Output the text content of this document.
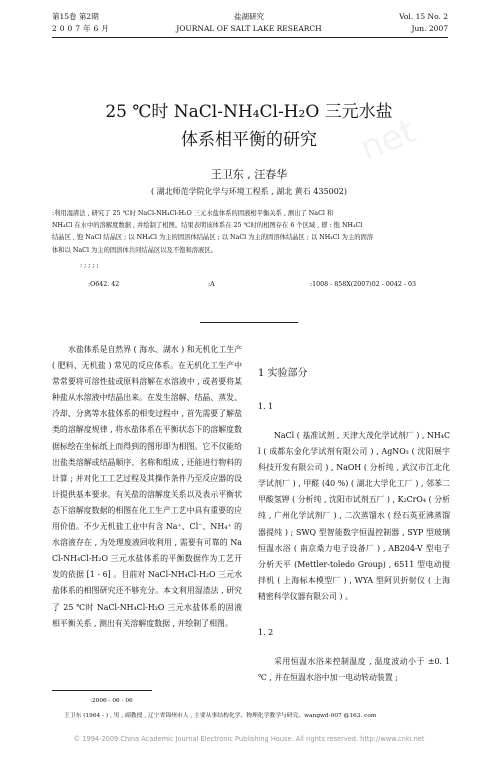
第15卷 第2期
2 0 0 7 年 6 月
盐湖研究
JOURNAL OF SALT LAKE RESEARCH
Vol. 15 No. 2
Jun. 2007
net
25 ℃时 NaCl-NH₄Cl-H₂O 三元水盐
体系相平衡的研究
王卫东 , 汪春华
( 湖北师范学院化学与环境工程系 , 湖北 黄石 435002)

:利用湿渣法 , 研究了 25 ℃时 NaCl-NH₄Cl-H₂O 三元水盐体系的固液相平衡关系 , 测出了 NaCl 和

NH₄Cl 在水中的溶解度数据 , 并绘制了相图。结果表明该体系在 25 ℃时的相图存在 6 个区域 , 即 : 饱 NH₄Cl

结晶区 , 饱 NaCl 结晶区 ; 以 NH₄Cl 为主的固溶体结晶区 ; 以 NaCl 为主的固溶体结晶区 ; 以 NH₄Cl 为主的固溶

体和以 NaCl 为主的固溶体共同结晶区以及不饱和溶液区。

: ; ; ; ;
:O642. 42	:A	:1008 - 858X(2007)02 - 0042 - 03
水盐体系是自然界 ( 海水、湖水 ) 和无机化工生产 ( 肥料、无机盐 ) 常见的反应体系。在无机化工生产中常常要将可溶性盐或原料溶解在水溶液中 , 或者要将某种盐从水溶液中结晶出来。在发生溶解、结晶、蒸发、冷却、分离等水盐体系的相变过程中 , 首先需要了解盐类的溶解度规律 , 将水盐体系在平衡状态下的溶解度数据标绘在坐标纸上而得到的图形即为相图。它不仅能给出盐类溶解或结晶顺序、名称和组成 , 还能进行物料的计算 ; 并对化工工艺过程及其操作条件乃至反应器的设计提供基本要求。有关盐的溶解度关系以及表示平衡状态下溶解度数据的相图在化工生产工艺中具有重要的应用价值。不少无机盐工业中有含 Na⁺、Cl⁻、NH₄⁺ 的水溶液存在 , 为处理废液回收利用 , 需要有可靠的 NaCl-NH₄Cl-H₂O 三元水盐体系的平衡数据作为工艺开发的依据 [1 - 6] 。目前对 NaCl-NH₄Cl-H₂O 三元水盐体系的相图研究还不够充分。本文利用湿渣法 , 研究了 25 ℃时 NaCl-NH₄Cl-H₂O 三元水盐体系的固液相平衡关系 , 测出有关溶解度数据 , 并绘制了相图。
1 实验部分
1. 1
NaCl ( 基准试剂 , 天津大茂化学试剂厂 ) , NH₄Cl ( 成都东金化学试剂有限公司 ) , AgNO₃ ( 沈阳展宇科技开发有限公司 ) , NaOH ( 分析纯 , 武汉市江北化学试剂厂 ) , 甲醛 (40 %) ( 湖北大学化工厂 ) , 邻苯二甲酸氢钾 ( 分析纯 , 沈阳市试剂五厂 ) , K₂CrO₄ ( 分析纯 , 广州化学试剂厂 ) , 二次蒸馏水 ( 经石英亚沸蒸馏器提纯 ) ; SWQ 型智能数字恒温控制器 , SYP 型玻璃恒温水浴 ( 南京桑力电子设备厂 ) , AB204-V 型电子分析天平 (Mettler-toledo Group) , 6511 型电动搅拌机 ( 上海标本模型厂 ) , WYA 型阿贝折射仪 ( 上海精密科学仪器有限公司 ) 。
1. 2
采用恒温水浴来控制温度 , 温度波动小于 ±0. 1 ℃ , 并在恒温水浴中加一电动转动装置 ;
:2006 - 06 - 06
王卫东 (1964 - ) , 男 , 副教授 , 辽宁省锦州市人 , 主要从事结构化学、物理化学教学与研究。wangwd-007 @163. com
© 1994-2009 China Academic Journal Electronic Publishing House. All rights reserved. http://www.cnki.net
